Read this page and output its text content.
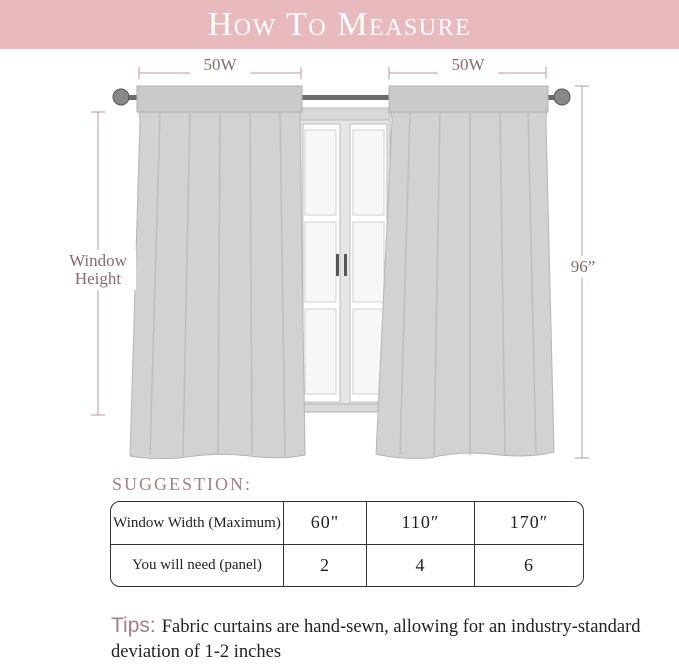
How To Measure
50W	50W
Window Height
96”
SUGGESTION:
Window Width (Maximum)	60"	110″	170″
You will need (panel)	2	4	6
Tips: Fabric curtains are hand-sewn, allowing for an industry-standard deviation of 1-2 inches
